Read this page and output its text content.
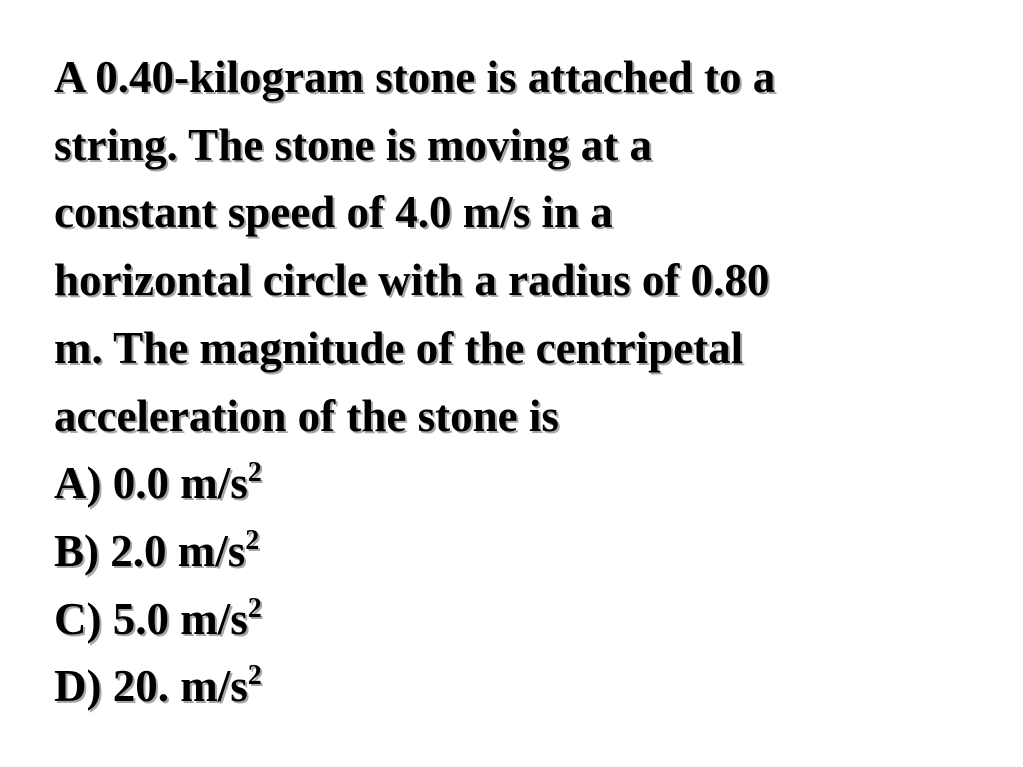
A 0.40-kilogram stone is attached to a
string. The stone is moving at a
constant speed of 4.0 m/s in a
horizontal circle with a radius of 0.80
m. The magnitude of the centripetal
acceleration of the stone is
A) 0.0 $m/s^2$
B) 2.0 $m/s^2$
C) 5.0 $m/s^2$
D) 20. $m/s^2$
